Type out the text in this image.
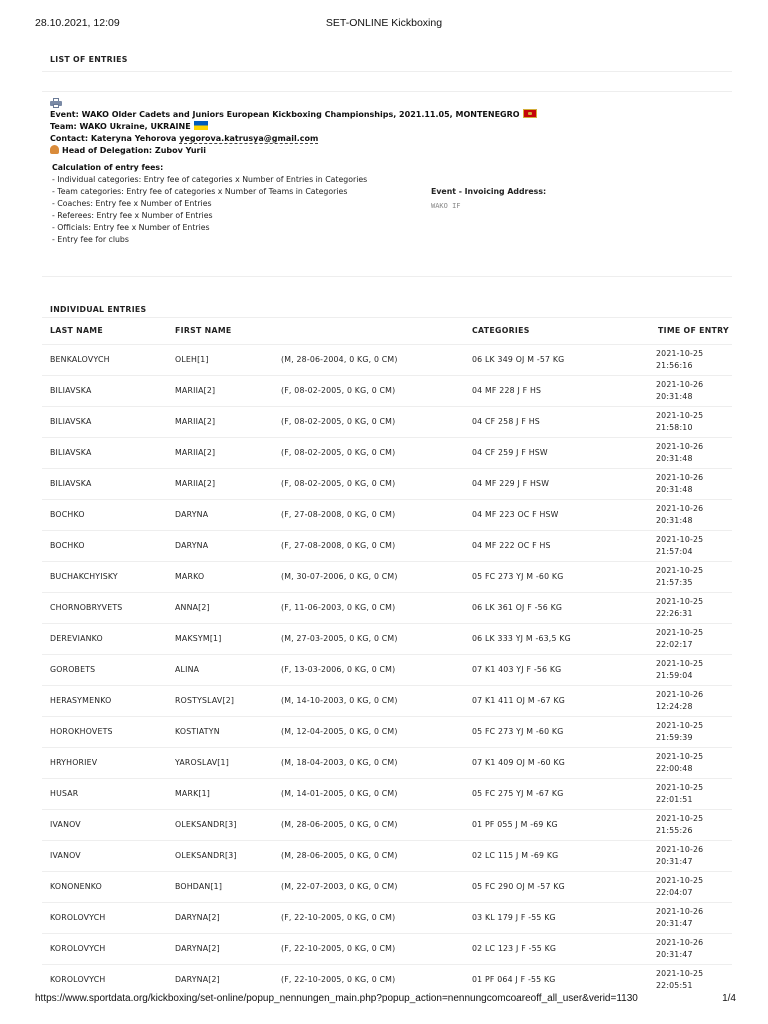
28.10.2021, 12:09	SET-ONLINE Kickboxing
LIST OF ENTRIES
Event: WAKO Older Cadets and Juniors European Kickboxing Championships, 2021.11.05, MONTENEGRO
Team: WAKO Ukraine, UKRAINE
Contact: Kateryna Yehorova yegorova.katrusya@gmail.com
Head of Delegation: Zubov Yurii
Calculation of entry fees:
- Individual categories: Entry fee of categories x Number of Entries in Categories
- Team categories: Entry fee of categories x Number of Teams in Categories
- Coaches: Entry fee x Number of Entries
- Referees: Entry fee x Number of Entries
- Officials: Entry fee x Number of Entries
- Entry fee for clubs
Event - Invoicing Address:
WAKO IF
INDIVIDUAL ENTRIES
LAST NAME	FIRST NAME		CATEGORIES	TIME OF ENTRY
BENKALOVYCH	OLEH[1]	(M, 28-06-2004, 0 KG, 0 CM)	06 LK 349 OJ M -57 KG	2021-10-25
21:56:16

BILIAVSKA	MARIIA[2]	(F, 08-02-2005, 0 KG, 0 CM)	04 MF 228 J F HS	2021-10-26
20:31:48

BILIAVSKA	MARIIA[2]	(F, 08-02-2005, 0 KG, 0 CM)	04 CF 258 J F HS	2021-10-25
21:58:10

BILIAVSKA	MARIIA[2]	(F, 08-02-2005, 0 KG, 0 CM)	04 CF 259 J F HSW	2021-10-26
20:31:48

BILIAVSKA	MARIIA[2]	(F, 08-02-2005, 0 KG, 0 CM)	04 MF 229 J F HSW	2021-10-26
20:31:48

BOCHKO	DARYNA	(F, 27-08-2008, 0 KG, 0 CM)	04 MF 223 OC F HSW	2021-10-26
20:31:48

BOCHKO	DARYNA	(F, 27-08-2008, 0 KG, 0 CM)	04 MF 222 OC F HS	2021-10-25
21:57:04

BUCHAKCHYISKY	MARKO	(M, 30-07-2006, 0 KG, 0 CM)	05 FC 273 YJ M -60 KG	2021-10-25
21:57:35

CHORNOBRYVETS	ANNA[2]	(F, 11-06-2003, 0 KG, 0 CM)	06 LK 361 OJ F -56 KG	2021-10-25
22:26:31

DEREVIANKO	MAKSYM[1]	(M, 27-03-2005, 0 KG, 0 CM)	06 LK 333 YJ M -63,5 KG	2021-10-25
22:02:17

GOROBETS	ALINA	(F, 13-03-2006, 0 KG, 0 CM)	07 K1 403 YJ F -56 KG	2021-10-25
21:59:04

HERASYMENKO	ROSTYSLAV[2]	(M, 14-10-2003, 0 KG, 0 CM)	07 K1 411 OJ M -67 KG	2021-10-26
12:24:28

HOROKHOVETS	KOSTIATYN	(M, 12-04-2005, 0 KG, 0 CM)	05 FC 273 YJ M -60 KG	2021-10-25
21:59:39

HRYHORIEV	YAROSLAV[1]	(M, 18-04-2003, 0 KG, 0 CM)	07 K1 409 OJ M -60 KG	2021-10-25
22:00:48

HUSAR	MARK[1]	(M, 14-01-2005, 0 KG, 0 CM)	05 FC 275 YJ M -67 KG	2021-10-25
22:01:51

IVANOV	OLEKSANDR[3]	(M, 28-06-2005, 0 KG, 0 CM)	01 PF 055 J M -69 KG	2021-10-25
21:55:26

IVANOV	OLEKSANDR[3]	(M, 28-06-2005, 0 KG, 0 CM)	02 LC 115 J M -69 KG	2021-10-26
20:31:47

KONONENKO	BOHDAN[1]	(M, 22-07-2003, 0 KG, 0 CM)	05 FC 290 OJ M -57 KG	2021-10-25
22:04:07

KOROLOVYCH	DARYNA[2]	(F, 22-10-2005, 0 KG, 0 CM)	03 KL 179 J F -55 KG	2021-10-26
20:31:47

KOROLOVYCH	DARYNA[2]	(F, 22-10-2005, 0 KG, 0 CM)	02 LC 123 J F -55 KG	2021-10-26
20:31:47

KOROLOVYCH	DARYNA[2]	(F, 22-10-2005, 0 KG, 0 CM)	01 PF 064 J F -55 KG	2021-10-25
22:05:51
https://www.sportdata.org/kickboxing/set-online/popup_nennungen_main.php?popup_action=nennungcomcoareoff_all_user&verid=1130	1/4
